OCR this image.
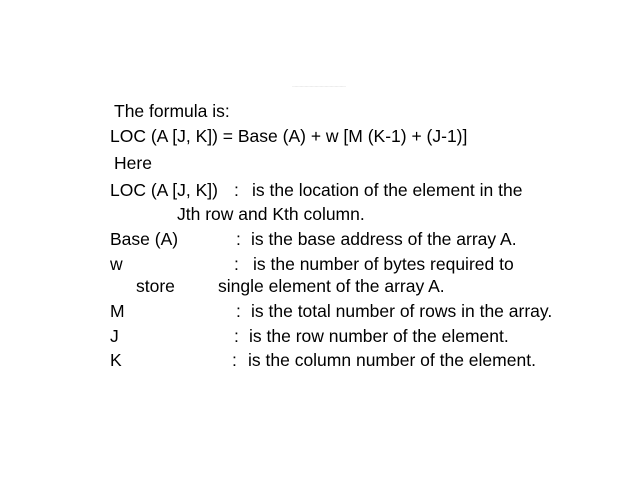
................................................................
The formula is:
LOC (A [J, K]) = Base (A) + w [M (K-1) + (J-1)]
Here
LOC (A [J, K]) : is the location of the element in the
Jth row and Kth column.
Base (A)	: is the base address of the array A.
w	: is the number of bytes required to
store single element of the array A.
M	: is the total number of rows in the array.
J	: is the row number of the element.
K	: is the column number of the element.
